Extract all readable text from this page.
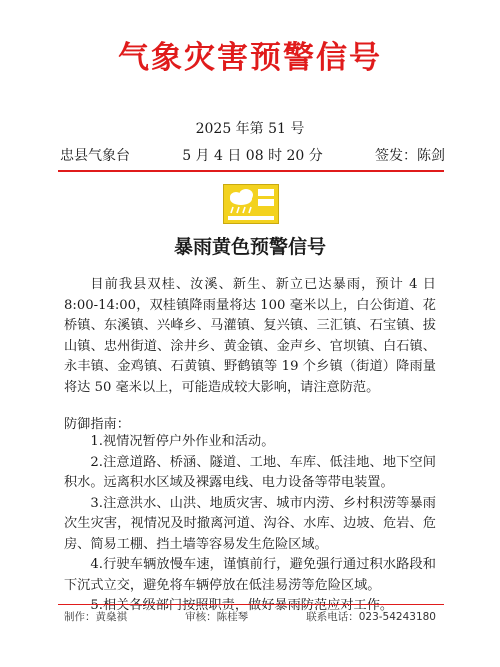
气象灾害预警信号
2025 年第 51 号
忠县气象台	5 月 4 日 08 时 20 分	签发：陈剑
暴雨黄色预警信号
目前我县双桂、汝溪、新生、新立已达暴雨，预计 4 日 8:00-14:00，双桂镇降雨量将达 100 毫米以上，白公街道、花桥镇、东溪镇、兴峰乡、马灌镇、复兴镇、三汇镇、石宝镇、拔山镇、忠州街道、涂井乡、黄金镇、金声乡、官坝镇、白石镇、永丰镇、金鸡镇、石黄镇、野鹤镇等 19 个乡镇（街道）降雨量将达 50 毫米以上，可能造成较大影响，请注意防范。
防御指南：

1.视情况暂停户外作业和活动。

2.注意道路、桥涵、隧道、工地、车库、低洼地、地下空间积水。远离积水区域及裸露电线、电力设备等带电装置。

3.注意洪水、山洪、地质灾害、城市内涝、乡村积涝等暴雨次生灾害，视情况及时撤离河道、沟谷、水库、边坡、危岩、危房、简易工棚、挡土墙等容易发生危险区域。

4.行驶车辆放慢车速，谨慎前行，避免强行通过积水路段和下沉式立交，避免将车辆停放在低洼易涝等危险区域。

5.相关各级部门按照职责，做好暴雨防范应对工作。

制作：黄燊祺	审核：陈桂琴	联系电话：023-54243180
